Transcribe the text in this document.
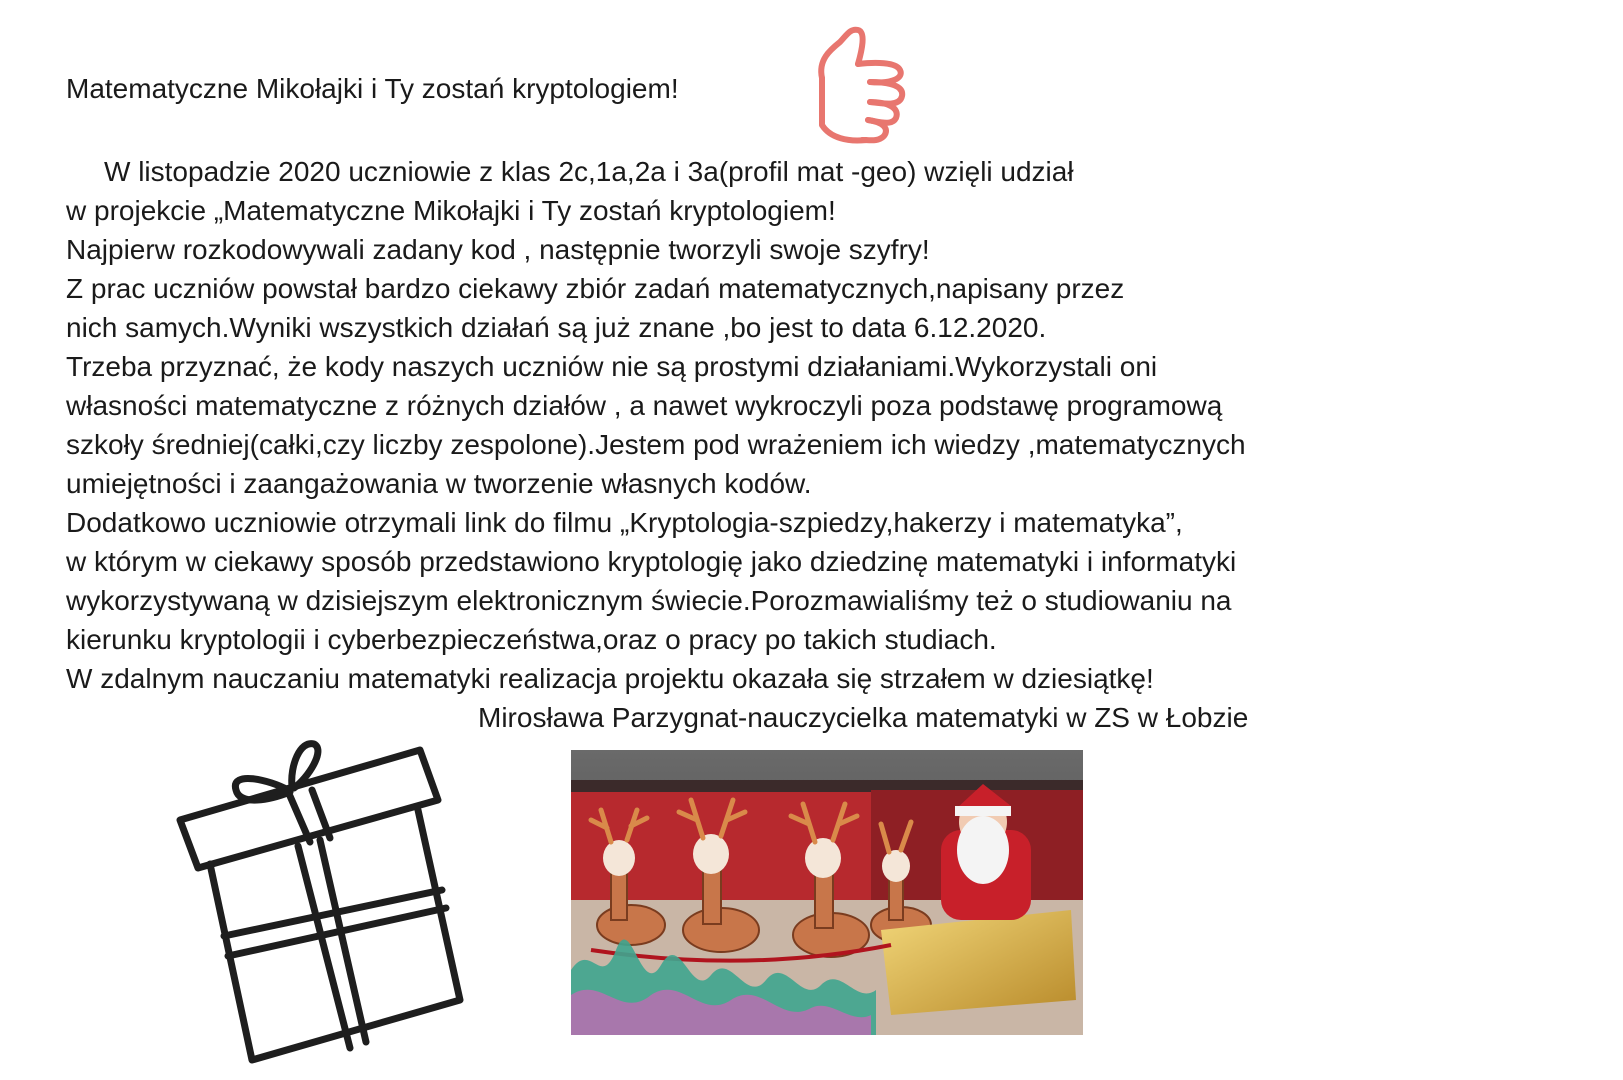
Matematyczne Mikołajki i Ty zostań kryptologiem!
W listopadzie 2020 uczniowie z klas 2c,1a,2a i 3a(profil mat -geo) wzięli udział
w projekcie „Matematyczne Mikołajki i Ty zostań kryptologiem!
Najpierw rozkodowywali zadany kod , następnie tworzyli swoje szyfry!
Z prac uczniów powstał bardzo ciekawy zbiór zadań matematycznych,napisany przez
nich samych.Wyniki wszystkich działań są już znane ,bo jest to data 6.12.2020.
Trzeba przyznać, że kody naszych uczniów nie są prostymi działaniami.Wykorzystali oni
własności matematyczne z różnych działów , a nawet wykroczyli poza podstawę programową
szkoły średniej(całki,czy liczby zespolone).Jestem pod wrażeniem ich wiedzy ,matematycznych
umiejętności i zaangażowania w tworzenie własnych kodów.
Dodatkowo uczniowie otrzymali link do filmu „Kryptologia-szpiedzy,hakerzy i matematyka”,
w którym w ciekawy sposób przedstawiono kryptologię jako dziedzinę matematyki i informatyki
wykorzystywaną w dzisiejszym elektronicznym świecie.Porozmawialiśmy też o studiowaniu na
kierunku kryptologii i cyberbezpieczeństwa,oraz o pracy po takich studiach.
W zdalnym nauczaniu matematyki realizacja projektu okazała się strzałem w dziesiątkę!
Mirosława Parzygnat-nauczycielka matematyki w ZS w Łobzie
